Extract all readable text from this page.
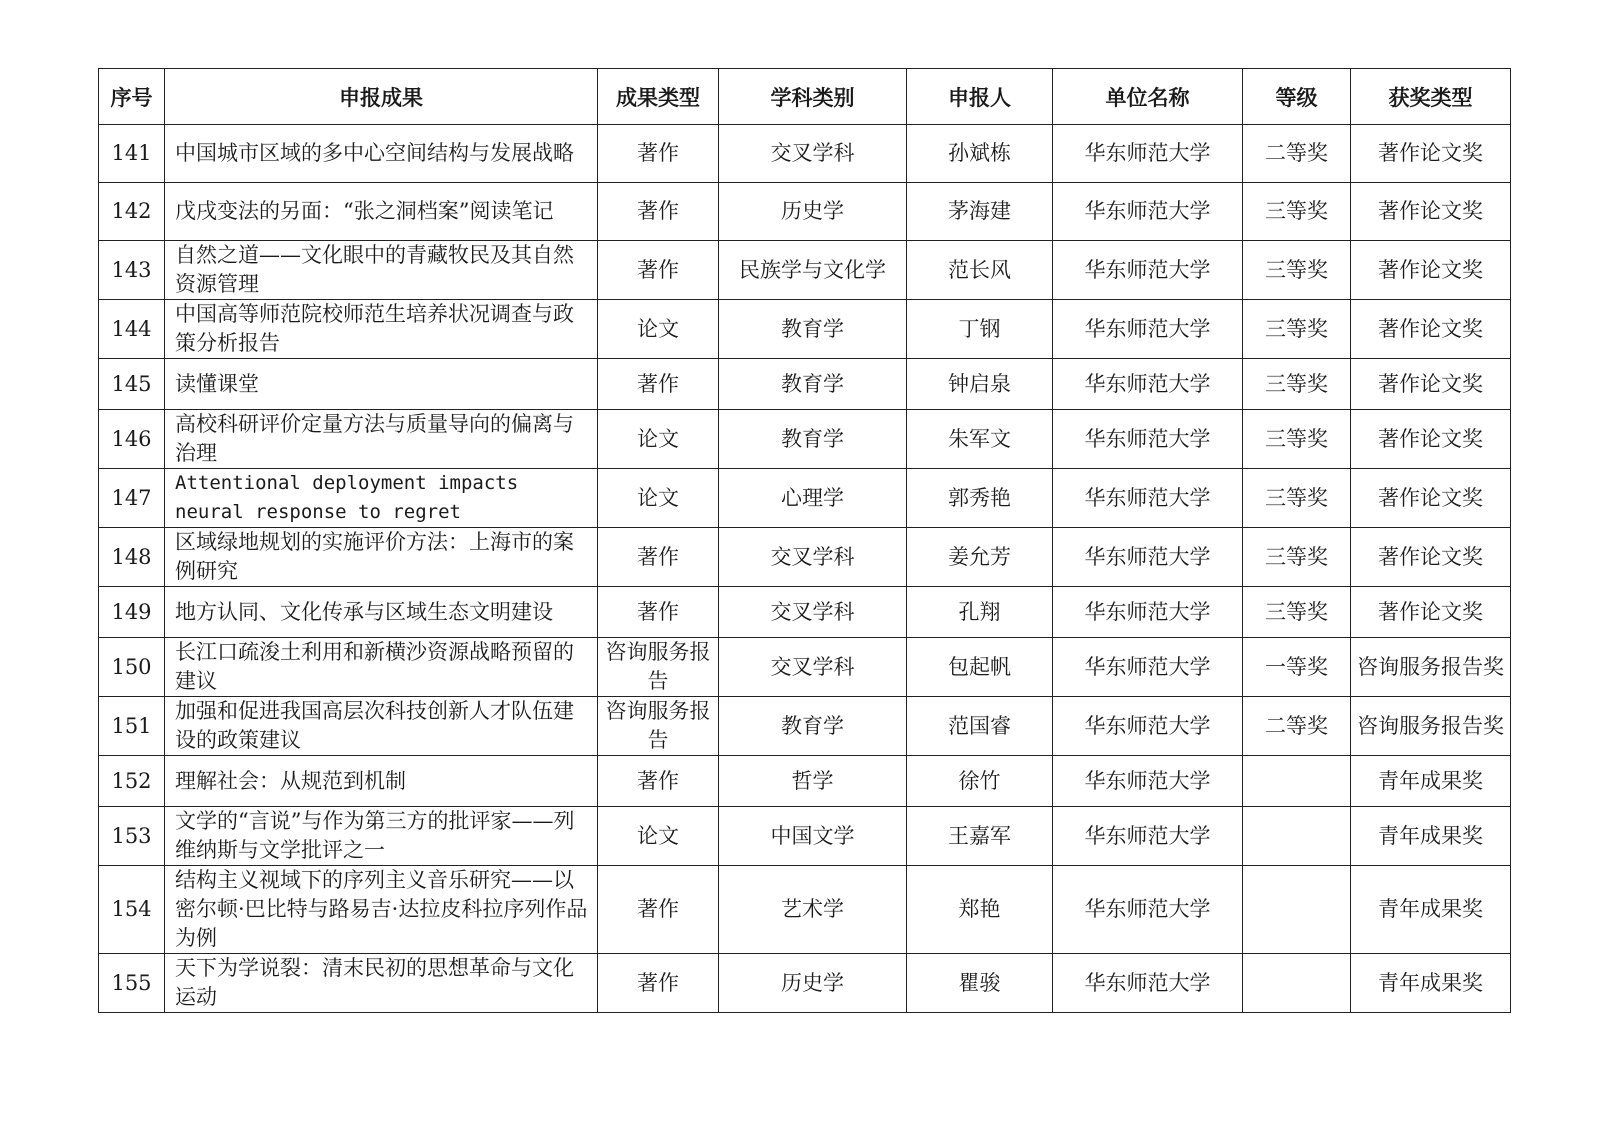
序号	申报成果	成果类型	学科类别	申报人	单位名称	等级	获奖类型
141	中国城市区域的多中心空间结构与发展战略	著作	交叉学科	孙斌栋	华东师范大学	二等奖	著作论文奖
142	戊戌变法的另面：“张之洞档案”阅读笔记	著作	历史学	茅海建	华东师范大学	三等奖	著作论文奖
143	自然之道——文化眼中的青藏牧民及其自然资源管理	著作	民族学与文化学	范长风	华东师范大学	三等奖	著作论文奖
144	中国高等师范院校师范生培养状况调查与政策分析报告	论文	教育学	丁钢	华东师范大学	三等奖	著作论文奖
145	读懂课堂	著作	教育学	钟启泉	华东师范大学	三等奖	著作论文奖
146	高校科研评价定量方法与质量导向的偏离与治理	论文	教育学	朱军文	华东师范大学	三等奖	著作论文奖
147	Attentional deployment impacts neural response to regret	论文	心理学	郭秀艳	华东师范大学	三等奖	著作论文奖
148	区域绿地规划的实施评价方法：上海市的案例研究	著作	交叉学科	姜允芳	华东师范大学	三等奖	著作论文奖
149	地方认同、文化传承与区域生态文明建设	著作	交叉学科	孔翔	华东师范大学	三等奖	著作论文奖
150	长江口疏浚土利用和新横沙资源战略预留的建议	咨询服务报告	交叉学科	包起帆	华东师范大学	一等奖	咨询服务报告奖
151	加强和促进我国高层次科技创新人才队伍建设的政策建议	咨询服务报告	教育学	范国睿	华东师范大学	二等奖	咨询服务报告奖
152	理解社会：从规范到机制	著作	哲学	徐竹	华东师范大学		青年成果奖
153	文学的“言说”与作为第三方的批评家——列维纳斯与文学批评之一	论文	中国文学	王嘉军	华东师范大学		青年成果奖
154	结构主义视域下的序列主义音乐研究——以密尔顿·巴比特与路易吉·达拉皮科拉序列作品为例	著作	艺术学	郑艳	华东师范大学		青年成果奖
155	天下为学说裂：清末民初的思想革命与文化运动	著作	历史学	瞿骏	华东师范大学		青年成果奖
